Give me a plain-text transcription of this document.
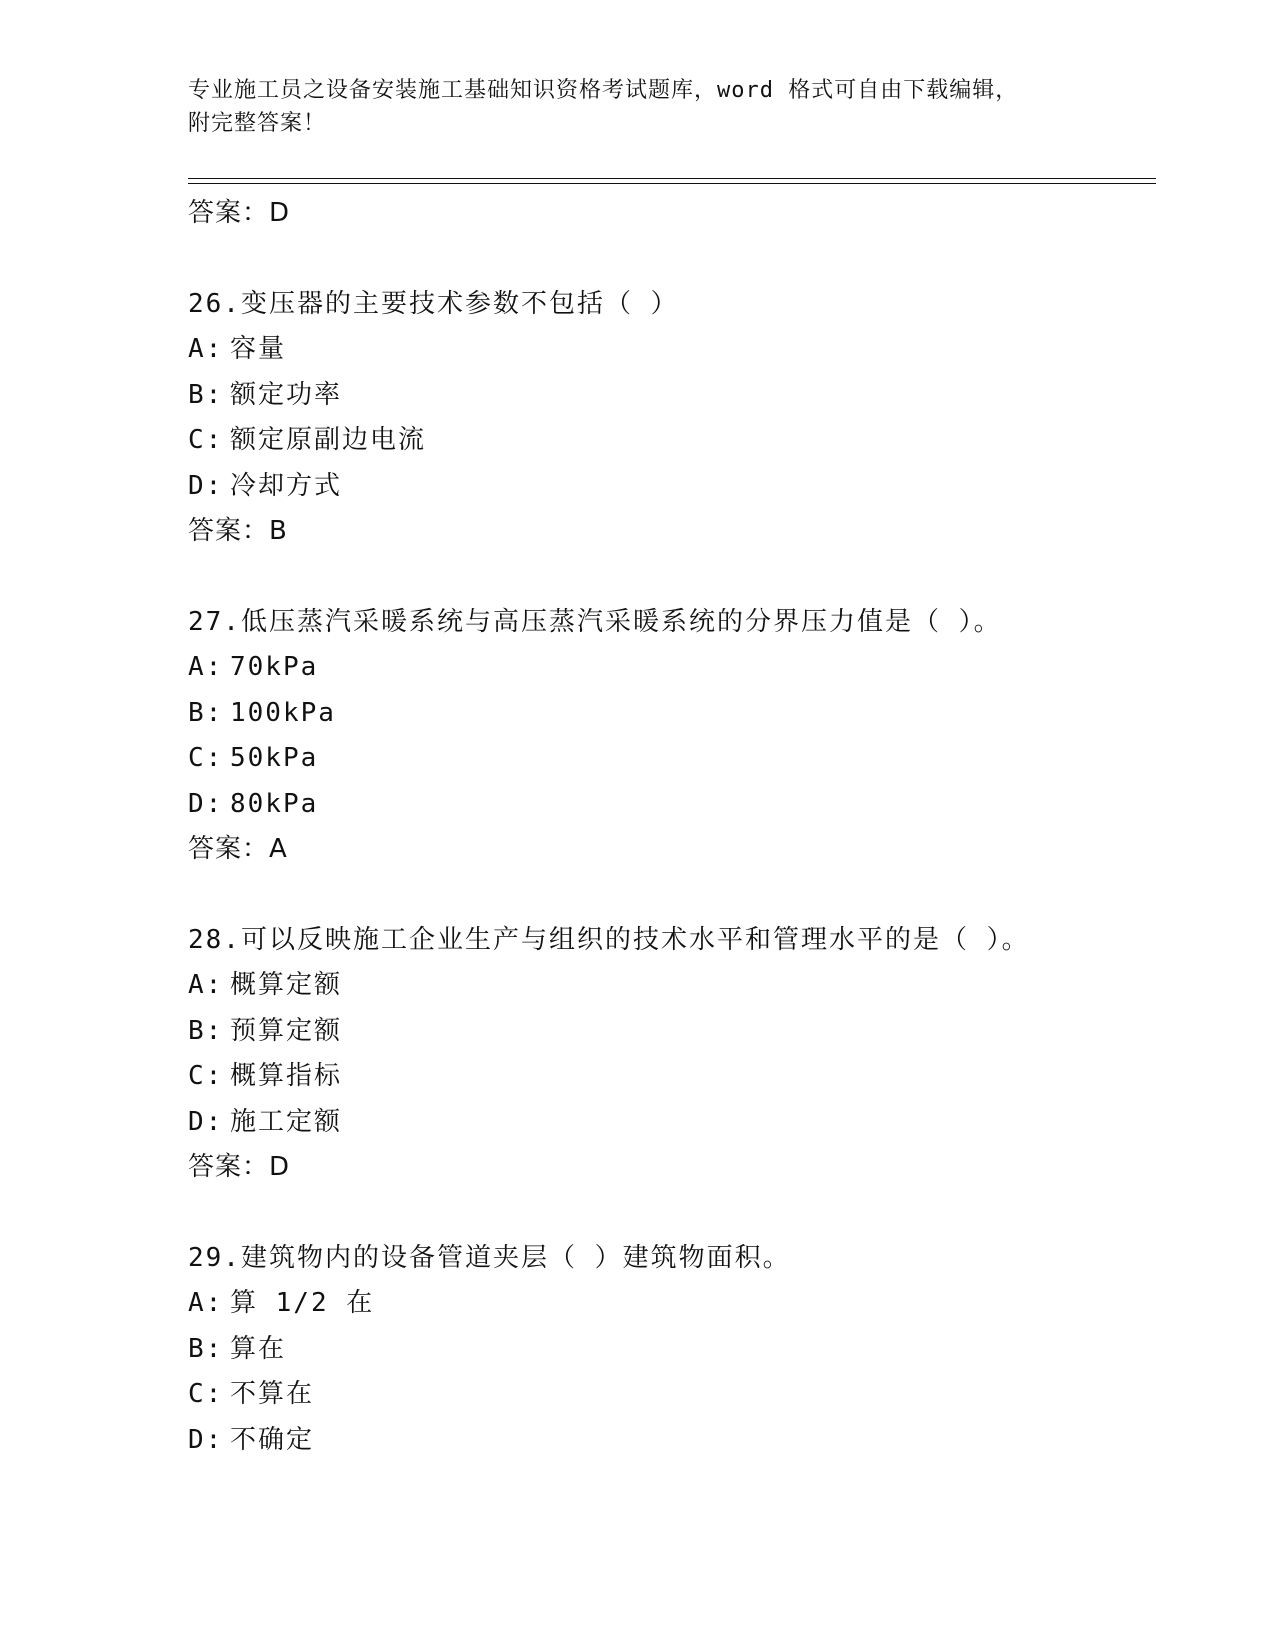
专业施工员之设备安装施工基础知识资格考试题库，word 格式可自由下载编辑，
附完整答案！
答案：D
26.变压器的主要技术参数不包括（ ）
A: 容量
B: 额定功率
C: 额定原副边电流
D: 冷却方式
答案：B
27.低压蒸汽采暖系统与高压蒸汽采暖系统的分界压力值是（ ）。
A: 70kPa
B: 100kPa
C: 50kPa
D: 80kPa
答案：A
28.可以反映施工企业生产与组织的技术水平和管理水平的是（ ）。
A: 概算定额
B: 预算定额
C: 概算指标
D: 施工定额
答案：D
29.建筑物内的设备管道夹层（ ）建筑物面积。
A: 算 1/2 在
B: 算在
C: 不算在
D: 不确定
